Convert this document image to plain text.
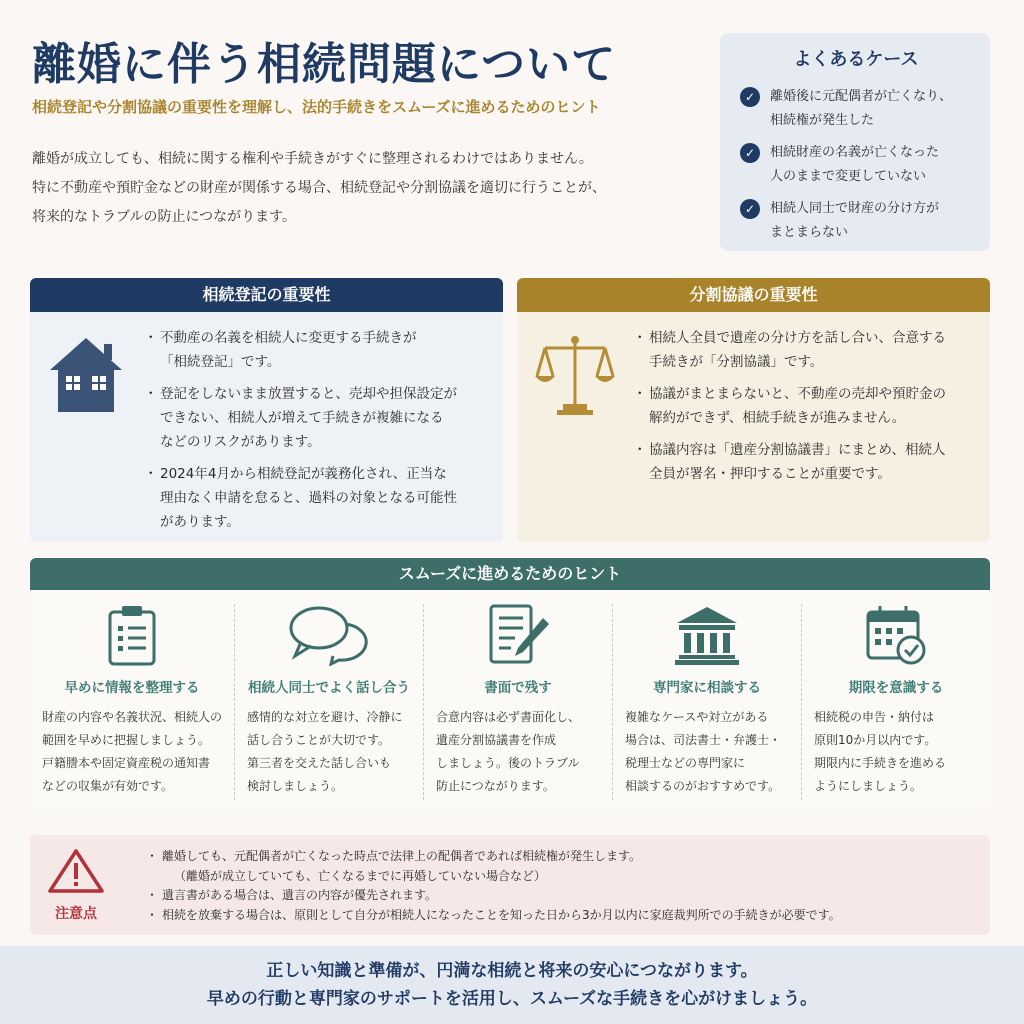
離婚に伴う相続問題について
相続登記や分割協議の重要性を理解し、法的手続きをスムーズに進めるためのヒント

離婚が成立しても、相続に関する権利や手続きがすぐに整理されるわけではありません。

特に不動産や預貯金などの財産が関係する場合、相続登記や分割協議を適切に行うことが、

将来的なトラブルの防止につながります。

よくあるケース
✓	離婚後に元配偶者が亡くなり、
相続権が発生した
✓	相続財産の名義が亡くなった
人のままで変更していない
✓	相続人同士で財産の分け方が
まとまらない
相続登記の重要性
・ 不動産の名義を相続人に変更する手続きが
「相続登記」です。
・ 登記をしないまま放置すると、売却や担保設定が
できない、相続人が増えて手続きが複雑になる
などのリスクがあります。
・ 2024年4月から相続登記が義務化され、正当な
理由なく申請を怠ると、過料の対象となる可能性
があります。
分割協議の重要性
・ 相続人全員で遺産の分け方を話し合い、合意する
手続きが「分割協議」です。
・ 協議がまとまらないと、不動産の売却や預貯金の
解約ができず、相続手続きが進みません。
・ 協議内容は「遺産分割協議書」にまとめ、相続人
全員が署名・押印することが重要です。
スムーズに進めるためのヒント
早めに情報を整理する

財産の内容や名義状況、相続人の

範囲を早めに把握しましょう。

戸籍謄本や固定資産税の通知書

などの収集が有効です。

相続人同士でよく話し合う

感情的な対立を避け、冷静に

話し合うことが大切です。

第三者を交えた話し合いも

検討しましょう。

書面で残す

合意内容は必ず書面化し、

遺産分割協議書を作成

しましょう。後のトラブル

防止につながります。

専門家に相談する

複雑なケースや対立がある

場合は、司法書士・弁護士・

税理士などの専門家に

相談するのがおすすめです。

期限を意識する

相続税の申告・納付は

原則10か月以内です。

期限内に手続きを進める

ようにしましょう。

注意点
・ 離婚しても、元配偶者が亡くなった時点で法律上の配偶者であれば相続権が発生します。
（離婚が成立していても、亡くなるまでに再婚していない場合など）
・ 遺言書がある場合は、遺言の内容が優先されます。
・ 相続を放棄する場合は、原則として自分が相続人になったことを知った日から3か月以内に家庭裁判所での手続きが必要です。

正しい知識と準備が、円満な相続と将来の安心につながります。

早めの行動と専門家のサポートを活用し、スムーズな手続きを心がけましょう。
